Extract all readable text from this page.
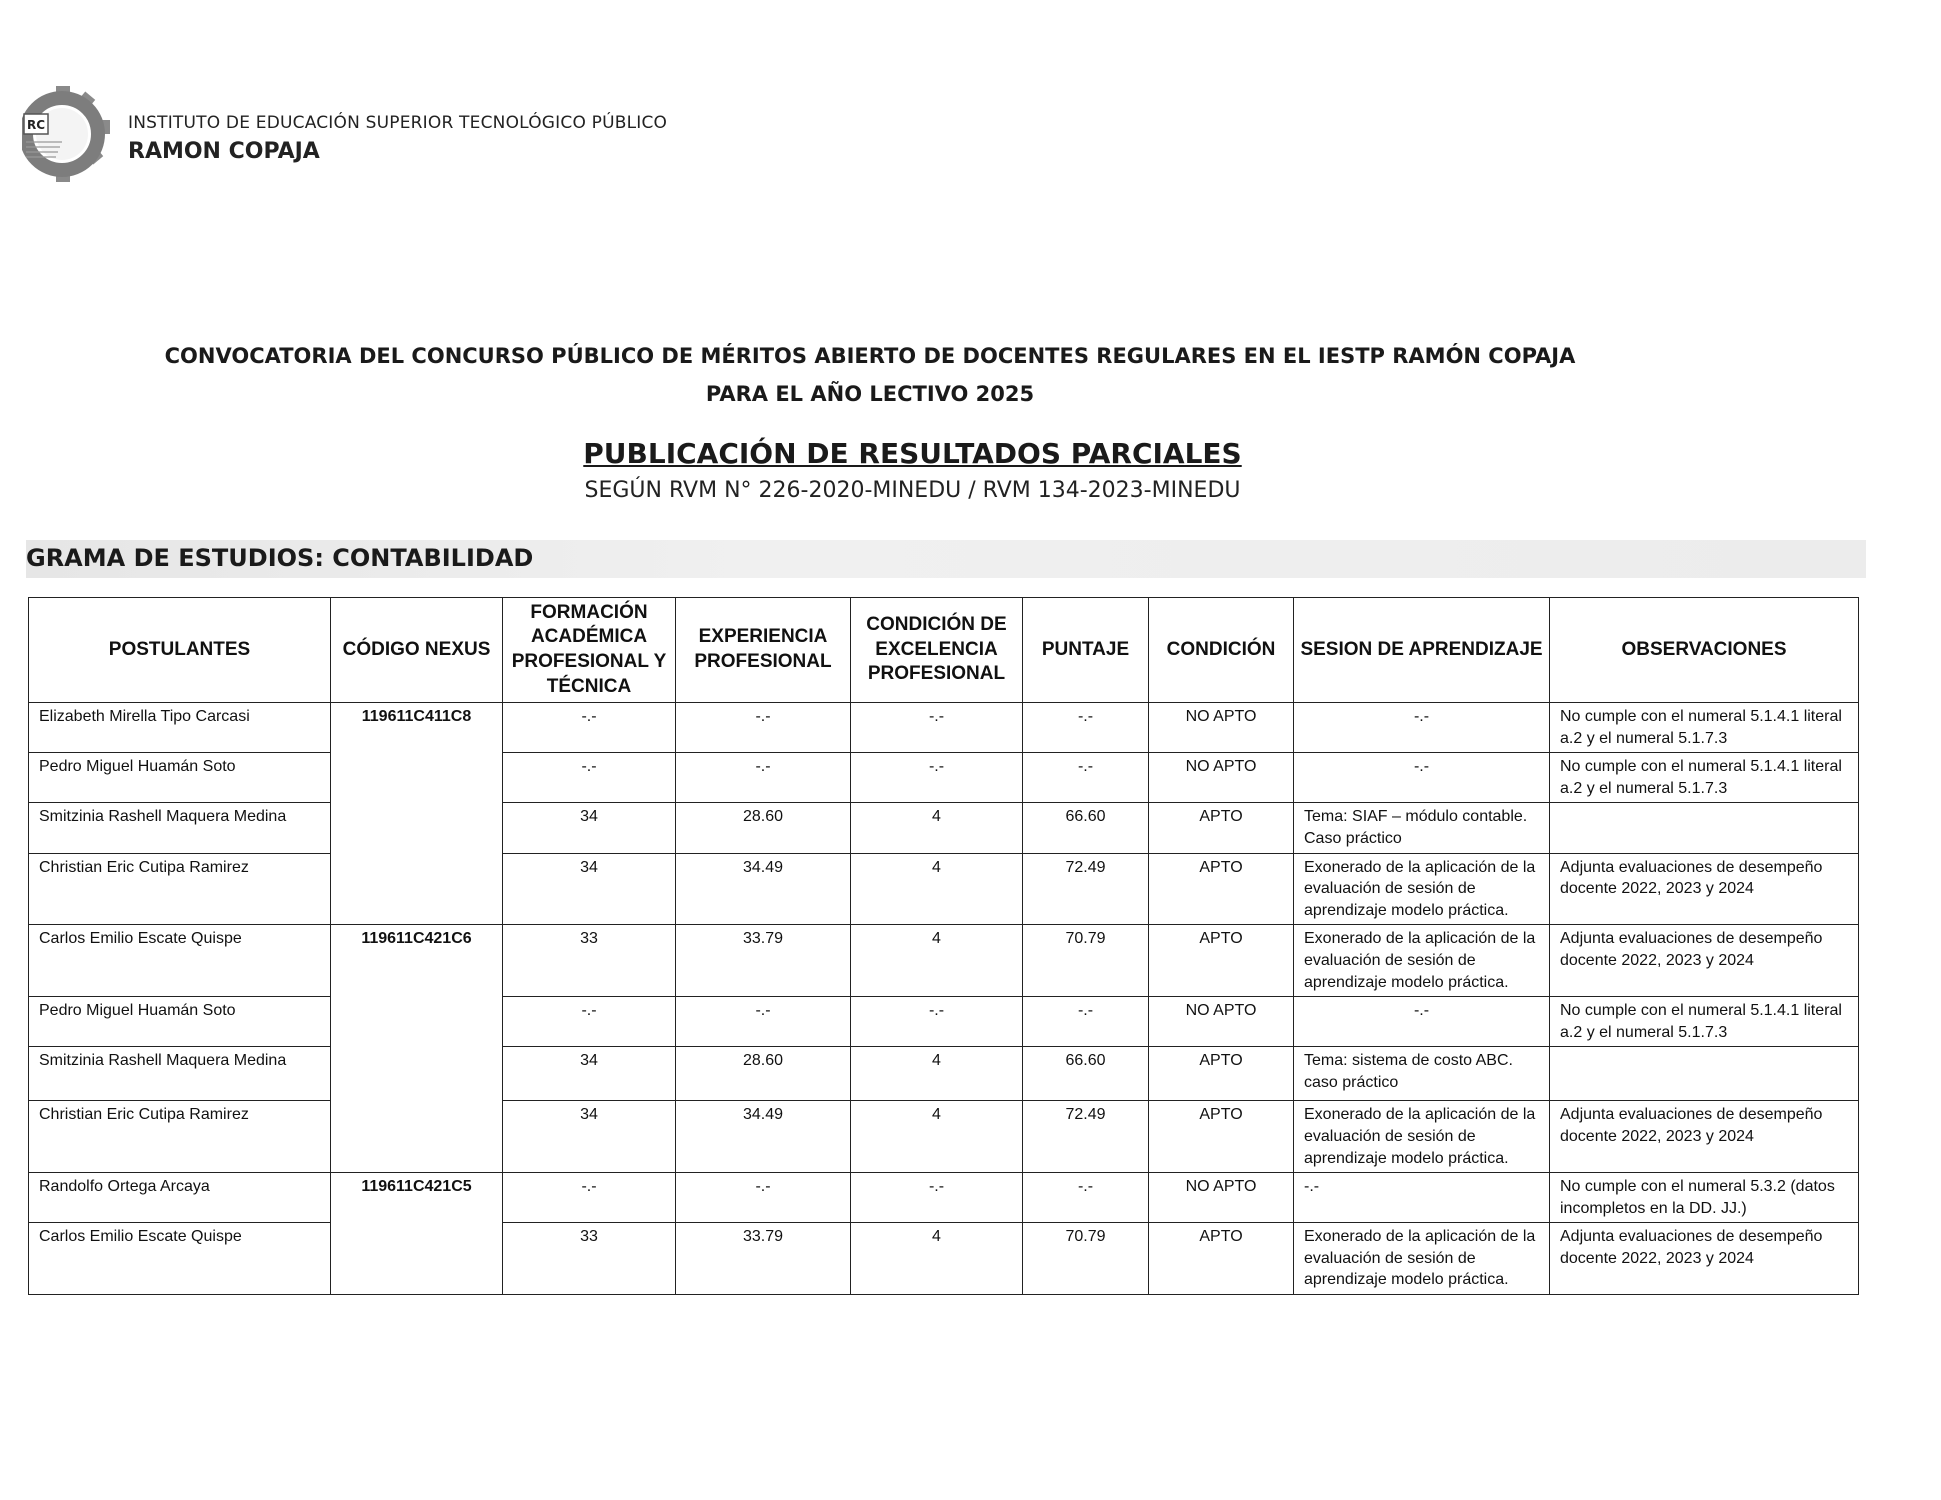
RC	INSTITUTO DE EDUCACIÓN SUPERIOR TECNOLÓGICO PÚBLICO
RAMON COPAJA
CONVOCATORIA DEL CONCURSO PÚBLICO DE MÉRITOS ABIERTO DE DOCENTES REGULARES EN EL IESTP RAMÓN COPAJA
PARA EL AÑO LECTIVO 2025
PUBLICACIÓN DE RESULTADOS PARCIALES
SEGÚN RVM N° 226-2020-MINEDU / RVM 134-2023-MINEDU
GRAMA DE ESTUDIOS: CONTABILIDAD
POSTULANTES	CÓDIGO NEXUS	FORMACIÓN ACADÉMICA PROFESIONAL Y TÉCNICA	EXPERIENCIA PROFESIONAL	CONDICIÓN DE EXCELENCIA PROFESIONAL	PUNTAJE	CONDICIÓN	SESION DE APRENDIZAJE	OBSERVACIONES
Elizabeth Mirella Tipo Carcasi	119611C411C8	-.-	-.-	-.-	-.-	NO APTO	-.-	No cumple con el numeral 5.1.4.1 literal a.2 y el numeral 5.1.7.3
Pedro Miguel Huamán Soto		-.-	-.-	-.-	-.-	NO APTO	-.-	No cumple con el numeral 5.1.4.1 literal a.2 y el numeral 5.1.7.3
Smitzinia Rashell Maquera Medina		34	28.60	4	66.60	APTO	Tema: SIAF – módulo contable. Caso práctico	
Christian Eric Cutipa Ramirez		34	34.49	4	72.49	APTO	Exonerado de la aplicación de la evaluación de sesión de aprendizaje modelo práctica.	Adjunta evaluaciones de desempeño docente 2022, 2023 y 2024
Carlos Emilio Escate Quispe	119611C421C6	33	33.79	4	70.79	APTO	Exonerado de la aplicación de la evaluación de sesión de aprendizaje modelo práctica.	Adjunta evaluaciones de desempeño docente 2022, 2023 y 2024
Pedro Miguel Huamán Soto		-.-	-.-	-.-	-.-	NO APTO	-.-	No cumple con el numeral 5.1.4.1 literal a.2 y el numeral 5.1.7.3
Smitzinia Rashell Maquera Medina		34	28.60	4	66.60	APTO	Tema: sistema de costo ABC. caso práctico	
Christian Eric Cutipa Ramirez		34	34.49	4	72.49	APTO	Exonerado de la aplicación de la evaluación de sesión de aprendizaje modelo práctica.	Adjunta evaluaciones de desempeño docente 2022, 2023 y 2024
Randolfo Ortega Arcaya	119611C421C5	-.-	-.-	-.-	-.-	NO APTO	-.-	No cumple con el numeral 5.3.2 (datos incompletos en la DD. JJ.)
Carlos Emilio Escate Quispe		33	33.79	4	70.79	APTO	Exonerado de la aplicación de la evaluación de sesión de aprendizaje modelo práctica.	Adjunta evaluaciones de desempeño docente 2022, 2023 y 2024
